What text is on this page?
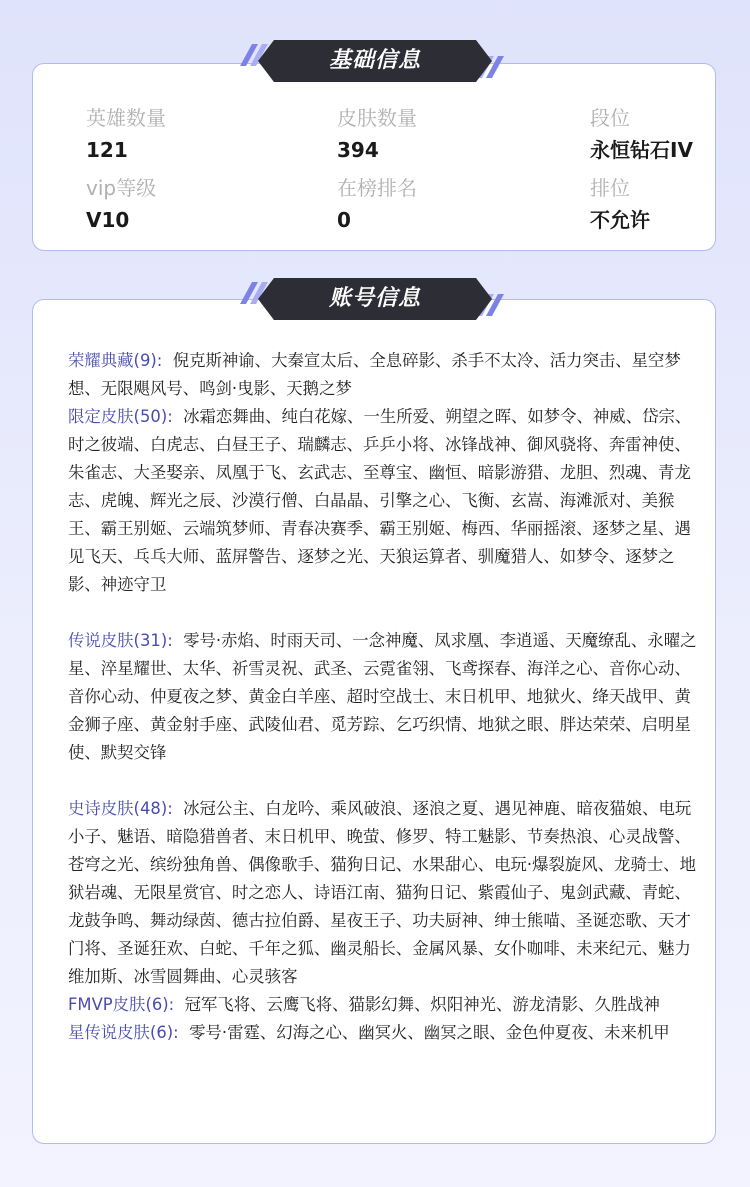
英雄数量
121
皮肤数量
394
段位
永恒钻石IV
vip等级
V10
在榜排名
0
排位
不允许
基础信息
账号信息

荣耀典藏(9): 倪克斯神谕、大秦宣太后、全息碎影、杀手不太冷、活力突击、星空梦想、无限飓风号、鸣剑·曳影、天鹅之梦

限定皮肤(50): 冰霜恋舞曲、纯白花嫁、一生所爱、朔望之晖、如梦令、神威、岱宗、时之彼端、白虎志、白昼王子、瑞麟志、乒乒小将、冰锋战神、御风骁将、奔雷神使、朱雀志、大圣娶亲、凤凰于飞、玄武志、至尊宝、幽恒、暗影游猎、龙胆、烈魂、青龙志、虎魄、辉光之辰、沙漠行僧、白晶晶、引擎之心、飞衡、玄嵩、海滩派对、美猴王、霸王别姬、云端筑梦师、青春决赛季、霸王别姬、梅西、华丽摇滚、逐梦之星、遇见飞天、乓乓大师、蓝屏警告、逐梦之光、天狼运算者、驯魔猎人、如梦令、逐梦之影、神迹守卫

传说皮肤(31): 零号·赤焰、时雨天司、一念神魔、凤求凰、李逍遥、天魔缭乱、永曜之星、淬星耀世、太华、祈雪灵祝、武圣、云霓雀翎、飞鸢探春、海洋之心、音你心动、音你心动、仲夏夜之梦、黄金白羊座、超时空战士、末日机甲、地狱火、绛天战甲、黄金狮子座、黄金射手座、武陵仙君、觅芳踪、乞巧织情、地狱之眼、胖达荣荣、启明星使、默契交锋

史诗皮肤(48): 冰冠公主、白龙吟、乘风破浪、逐浪之夏、遇见神鹿、暗夜猫娘、电玩小子、魅语、暗隐猎兽者、末日机甲、晚萤、修罗、特工魅影、节奏热浪、心灵战警、苍穹之光、缤纷独角兽、偶像歌手、猫狗日记、水果甜心、电玩·爆裂旋风、龙骑士、地狱岩魂、无限星赏官、时之恋人、诗语江南、猫狗日记、紫霞仙子、鬼剑武藏、青蛇、龙鼓争鸣、舞动绿茵、德古拉伯爵、星夜王子、功夫厨神、绅士熊喵、圣诞恋歌、天才门将、圣诞狂欢、白蛇、千年之狐、幽灵船长、金属风暴、女仆咖啡、未来纪元、魅力维加斯、冰雪圆舞曲、心灵骇客

FMVP皮肤(6): 冠军飞将、云鹰飞将、猫影幻舞、炽阳神光、游龙清影、久胜战神

星传说皮肤(6): 零号·雷霆、幻海之心、幽冥火、幽冥之眼、金色仲夏夜、未来机甲
